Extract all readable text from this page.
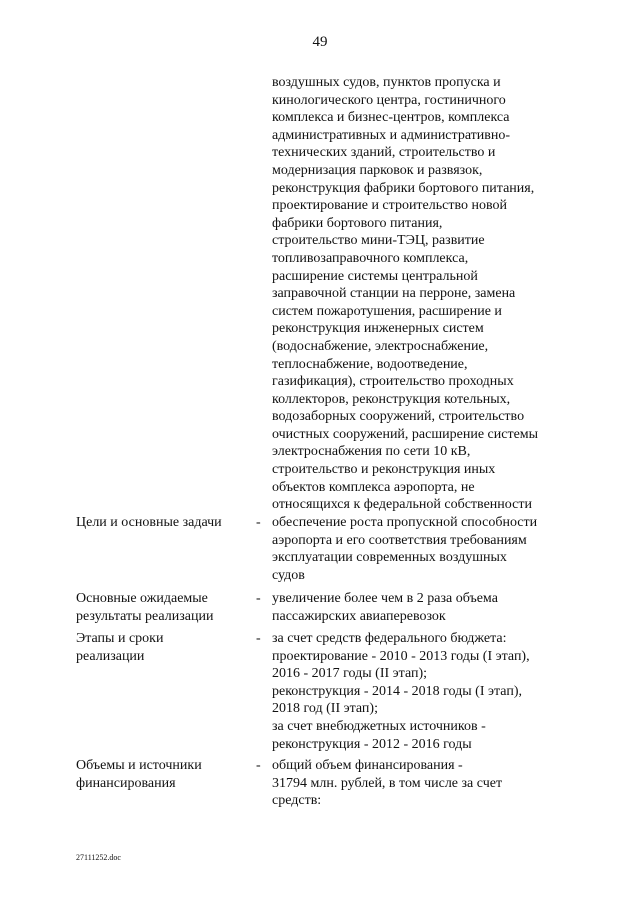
49
воздушных судов, пунктов пропуска и
кинологического центра, гостиничного
комплекса и бизнес-центров, комплекса
административных и административно-
технических зданий, строительство и
модернизация парковок и развязок,
реконструкция фабрики бортового питания,
проектирование и строительство новой
фабрики бортового питания,
строительство мини-ТЭЦ, развитие
топливозаправочного комплекса,
расширение системы центральной
заправочной станции на перроне, замена
систем пожаротушения, расширение и
реконструкция инженерных систем
(водоснабжение, электроснабжение,
теплоснабжение, водоотведение,
газификация), строительство проходных
коллекторов, реконструкция котельных,
водозаборных сооружений, строительство
очистных сооружений, расширение системы
электроснабжения по сети 10 кВ,
строительство и реконструкция иных
объектов комплекса аэропорта, не
относящихся к федеральной собственности
Цели и основные задачи	- обеспечение роста пропускной способности
аэропорта и его соответствия требованиям
эксплуатации современных воздушных
судов
Основные ожидаемые
результаты реализации
- увеличение более чем в 2 раза объема
пассажирских авиаперевозок
Этапы и сроки
реализации
- за счет средств федерального бюджета:
проектирование - 2010 - 2013 годы (I этап),
2016 - 2017 годы (II этап);
реконструкция - 2014 - 2018 годы (I этап),
2018 год (II этап);
за счет внебюджетных источников -
реконструкция - 2012 - 2016 годы
Объемы и источники
финансирования
- общий объем финансирования -
31794 млн. рублей, в том числе за счет
средств:
27111252.doc
